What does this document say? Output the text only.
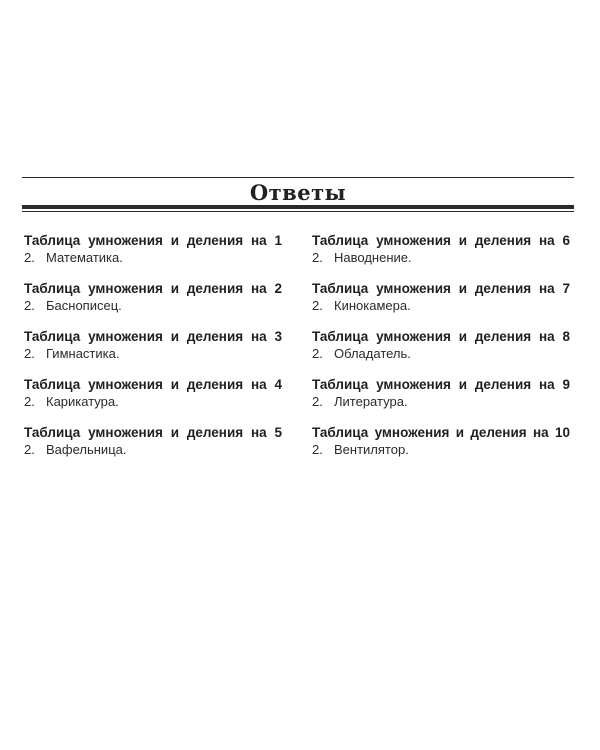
Ответы
Таблица умножения и деления на 1
2. Математика.
Таблица умножения и деления на 2
2. Баснописец.
Таблица умножения и деления на 3
2. Гимнастика.
Таблица умножения и деления на 4
2. Карикатура.
Таблица умножения и деления на 5
2. Вафельница.
Таблица умножения и деления на 6
2. Наводнение.
Таблица умножения и деления на 7
2. Кинокамера.
Таблица умножения и деления на 8
2. Обладатель.
Таблица умножения и деления на 9
2. Литература.
Таблица умножения и деления на 10
2. Вентилятор.
